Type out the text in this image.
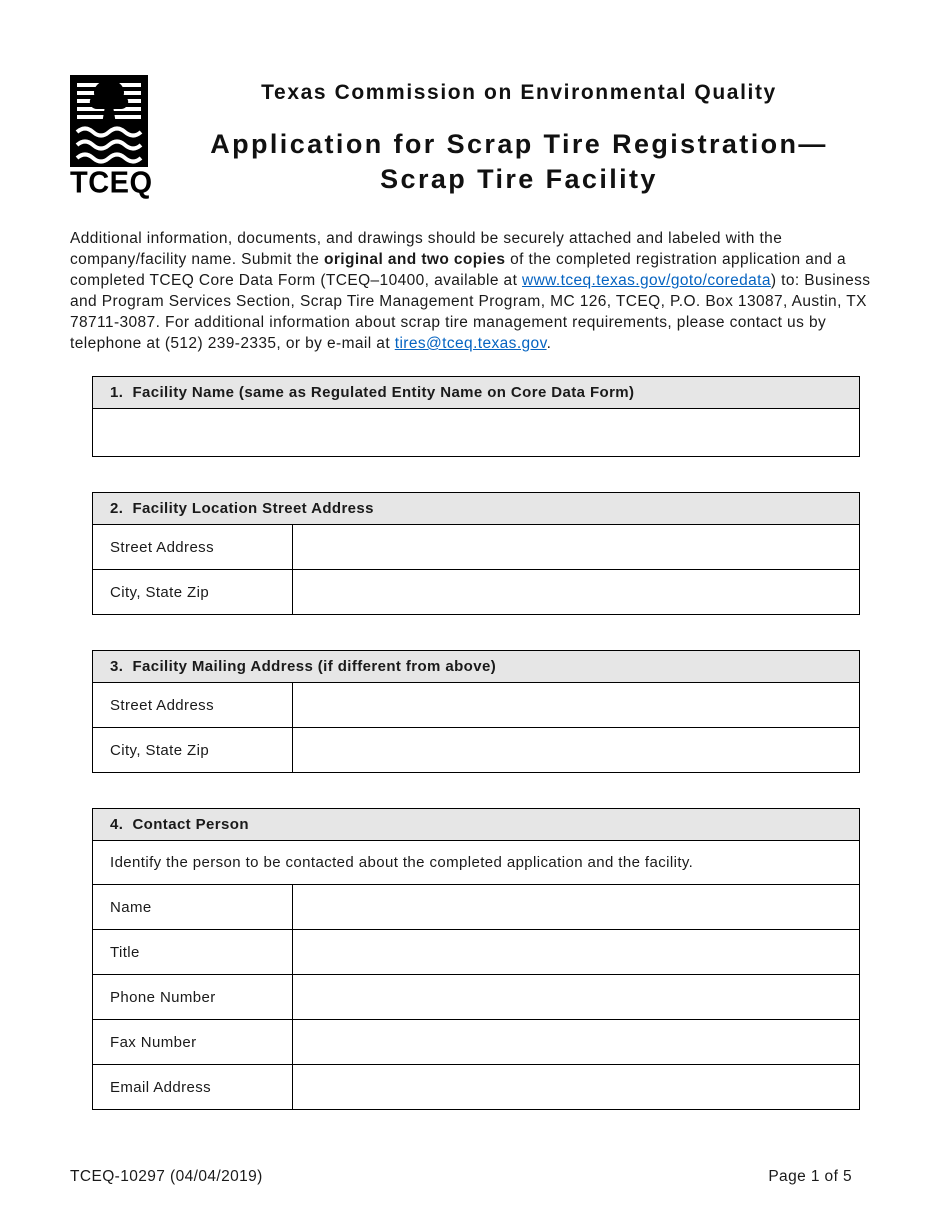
TCEQ
Texas Commission on Environmental Quality
Application for Scrap Tire Registration—
Scrap Tire Facility

Additional information, documents, and drawings should be securely attached and labeled with the company/facility name. Submit the original and two copies of the completed registration application and a completed TCEQ Core Data Form (TCEQ–10400, available at www.tceq.texas.gov/goto/coredata) to: Business and Program Services Section, Scrap Tire Management Program, MC 126, TCEQ, P.O. Box 13087, Austin, TX 78711-3087. For additional information about scrap tire management requirements, please contact us by telephone at (512) 239-2335, or by e-mail at tires@tceq.texas.gov.

1.  Facility Name (same as Regulated Entity Name on Core Data Form)
2.  Facility Location Street Address
Street Address
City, State Zip
3.  Facility Mailing Address (if different from above)
Street Address
City, State Zip
4.  Contact Person
Identify the person to be contacted about the completed application and the facility.
Name
Title
Phone Number
Fax Number
Email Address
TCEQ-10297 (04/04/2019)	Page 1 of 5
